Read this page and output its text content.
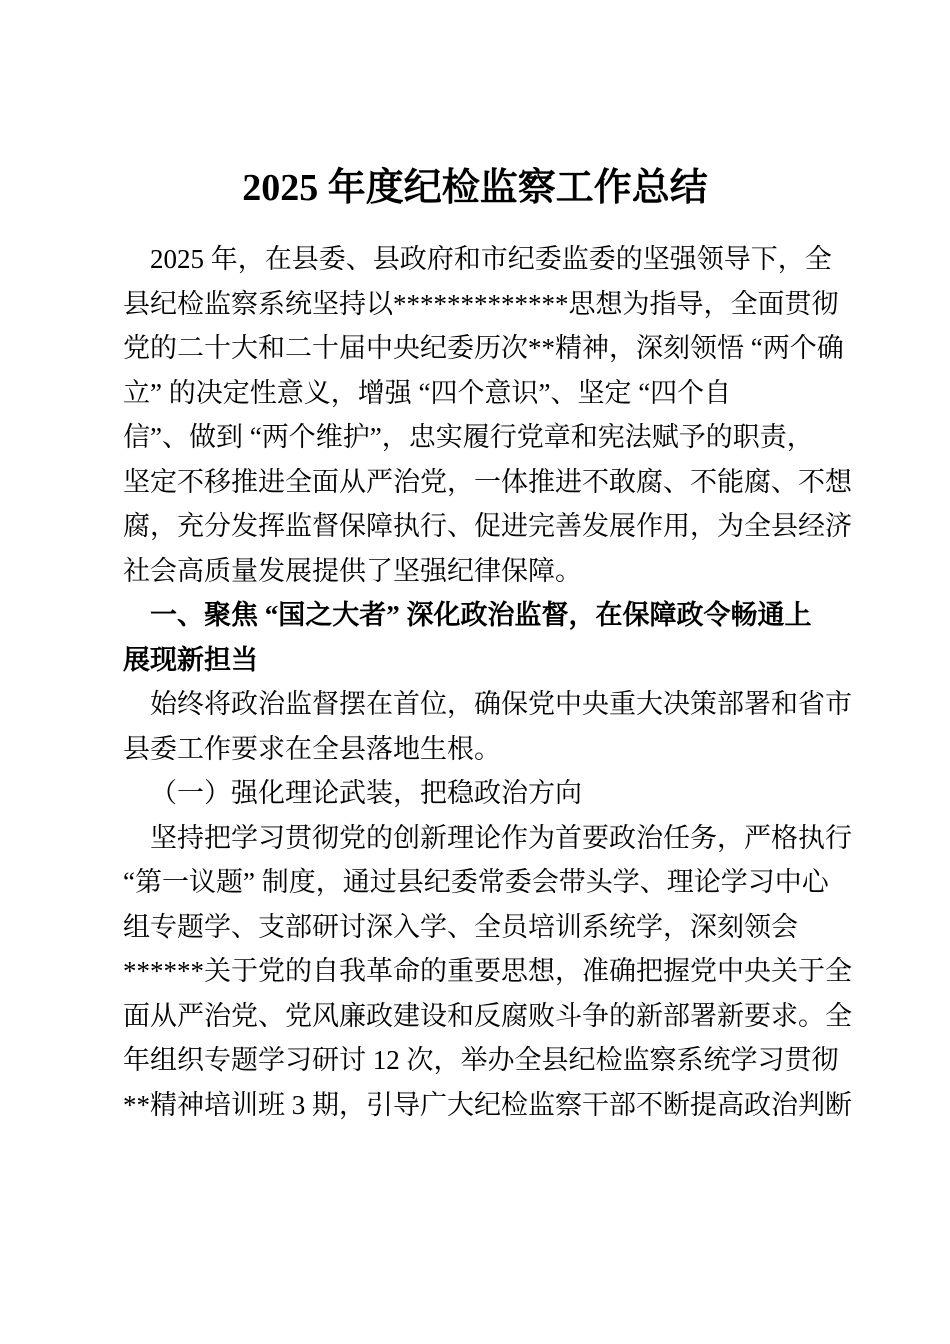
2025 年度纪检监察工作总结
2025 年，在县委、县政府和市纪委监委的坚强领导下，全
县纪检监察系统坚持以*************思想为指导，全面贯彻
党的二十大和二十届中央纪委历次**精神，深刻领悟 “两个确
立” 的决定性意义，增强 “四个意识”、坚定 “四个自
信”、做到 “两个维护”，忠实履行党章和宪法赋予的职责，
坚定不移推进全面从严治党，一体推进不敢腐、不能腐、不想
腐，充分发挥监督保障执行、促进完善发展作用，为全县经济
社会高质量发展提供了坚强纪律保障。
一、聚焦 “国之大者” 深化政治监督，在保障政令畅通上
展现新担当
始终将政治监督摆在首位，确保党中央重大决策部署和省市
县委工作要求在全县落地生根。
（一）强化理论武装，把稳政治方向
坚持把学习贯彻党的创新理论作为首要政治任务，严格执行
“第一议题” 制度，通过县纪委常委会带头学、理论学习中心
组专题学、支部研讨深入学、全员培训系统学，深刻领会
******关于党的自我革命的重要思想，准确把握党中央关于全
面从严治党、党风廉政建设和反腐败斗争的新部署新要求。全
年组织专题学习研讨 12 次，举办全县纪检监察系统学习贯彻
**精神培训班 3 期，引导广大纪检监察干部不断提高政治判断
